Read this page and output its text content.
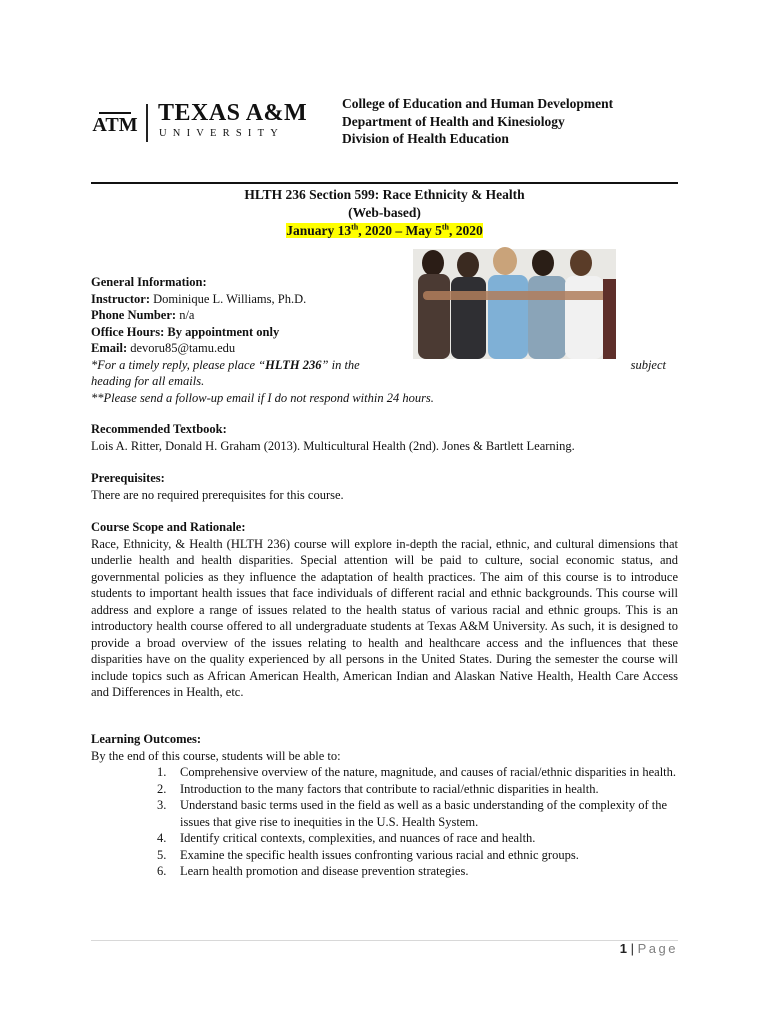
ATM TEXAS A&M
UNIVERSITY
College of Education and Human Development
Department of Health and Kinesiology
Division of Health Education
HLTH 236 Section 599: Race Ethnicity & Health
(Web-based)
January 13th, 2020 – May 5th, 2020
General Information:
Instructor: Dominique L. Williams, Ph.D.
Phone Number: n/a
Office Hours: By appointment only
Email: devoru85@tamu.edu
*For a timely reply, please place “HLTH 236” in the	subject
heading for all emails.
**Please send a follow-up email if I do not respond within 24 hours.
Recommended Textbook:
Lois A. Ritter, Donald H. Graham (2013). Multicultural Health (2nd). Jones & Bartlett Learning.
Prerequisites:
There are no required prerequisites for this course.
Course Scope and Rationale:
Race, Ethnicity, & Health (HLTH 236) course will explore in-depth the racial, ethnic, and cultural dimensions that underlie health and health disparities. Special attention will be paid to culture, social economic status, and governmental policies as they influence the adaptation of health practices. The aim of this course is to introduce students to important health issues that face individuals of different racial and ethnic backgrounds. This course will address and explore a range of issues related to the health status of various racial and ethnic groups. This is an introductory health course offered to all undergraduate students at Texas A&M University. As such, it is designed to provide a broad overview of the issues relating to health and healthcare access and the influences that these disparities have on the quality experienced by all persons in the United States. During the semester the course will include topics such as African American Health, American Indian and Alaskan Native Health, Health Care Access and Differences in Health, etc.
Learning Outcomes:
By the end of this course, students will be able to:
1. Comprehensive overview of the nature, magnitude, and causes of racial/ethnic disparities in health.
2. Introduction to the many factors that contribute to racial/ethnic disparities in health.
3. Understand basic terms used in the field as well as a basic understanding of the complexity of the issues that give rise to inequities in the U.S. Health System.
4. Identify critical contexts, complexities, and nuances of race and health.
5. Examine the specific health issues confronting various racial and ethnic groups.
6. Learn health promotion and disease prevention strategies.
1 | Page
